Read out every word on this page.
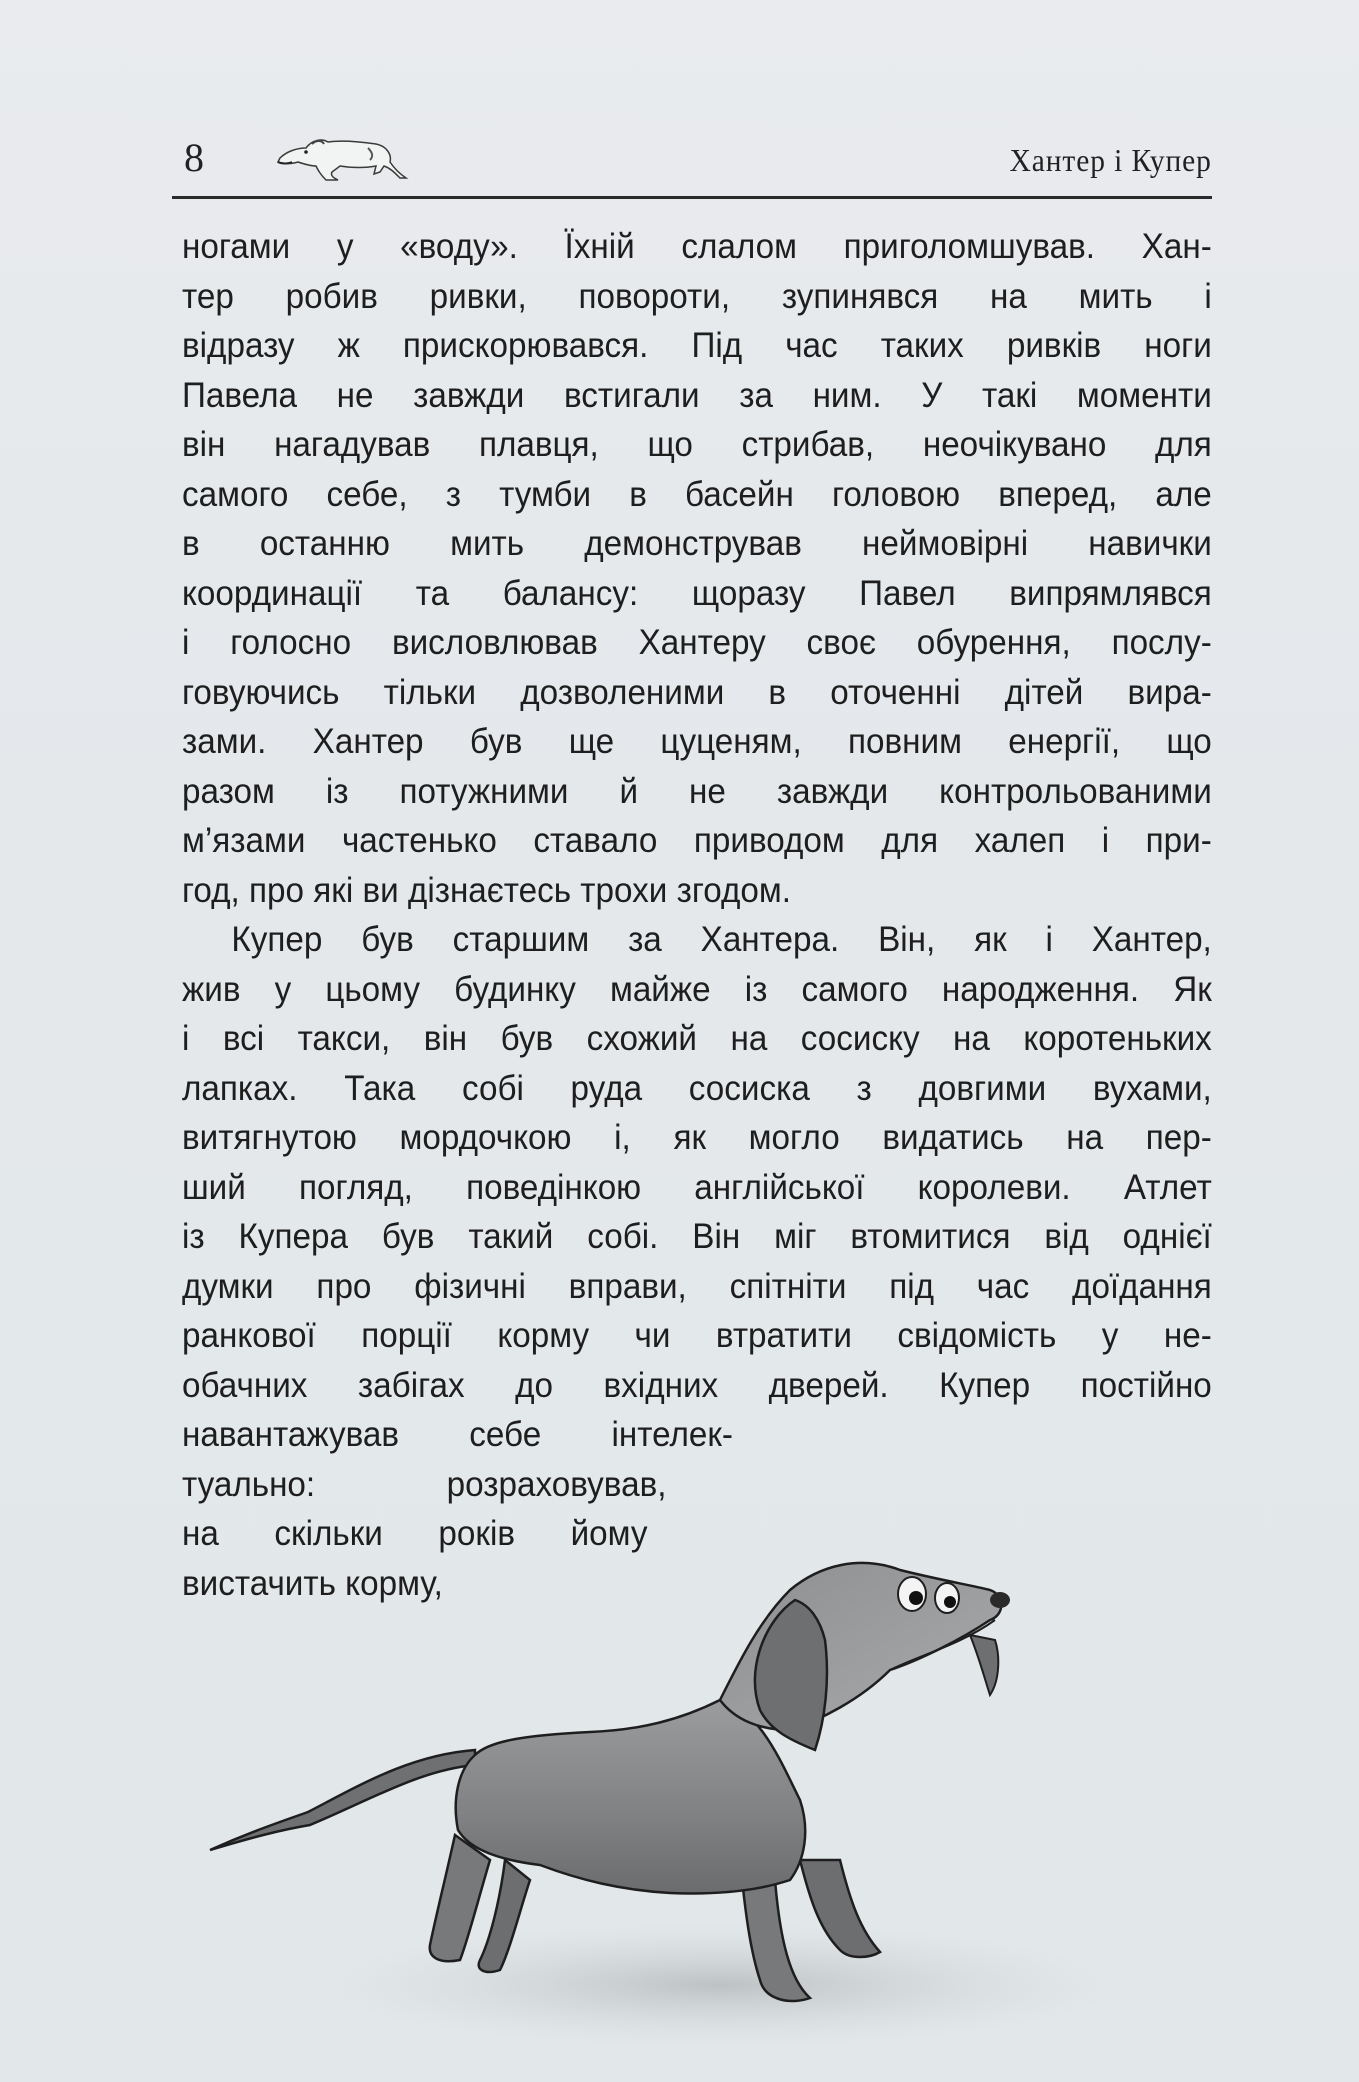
8	Хантер і Купер
ногами у «воду». Їхній слалом приголомшував. Хан-
тер робив ривки, повороти, зупинявся на мить і
відразу ж прискорювався. Під час таких ривків ноги
Павела не завжди встигали за ним. У такі моменти
він нагадував плавця, що стрибав, неочікувано для
самого себе, з тумби в басейн головою вперед, але
в останню мить демонстрував неймовірні навички
координації та балансу: щоразу Павел випрямлявся
і голосно висловлював Хантеру своє обурення, послу-
говуючись тільки дозволеними в оточенні дітей вира-
зами. Хантер був ще цуценям, повним енергії, що
разом із потужними й не завжди контрольованими
м’язами частенько ставало приводом для халеп і при-
год, про які ви дізнаєтесь трохи згодом.
Купер був старшим за Хантера. Він, як і Хантер,
жив у цьому будинку майже із самого народження. Як
і всі такси, він був схожий на сосиску на коротеньких
лапках. Така собі руда сосиска з довгими вухами,
витягнутою мордочкою і, як могло видатись на пер-
ший погляд, поведінкою англійської королеви. Атлет
із Купера був такий собі. Він міг втомитися від однієї
думки про фізичні вправи, спітніти під час доїдання
ранкової порції корму чи втратити свідомість у не-
обачних забігах до вхідних дверей. Купер постійно
навантажував себе інтелек-
туально: розраховував,
на скільки років йому
вистачить корму,
